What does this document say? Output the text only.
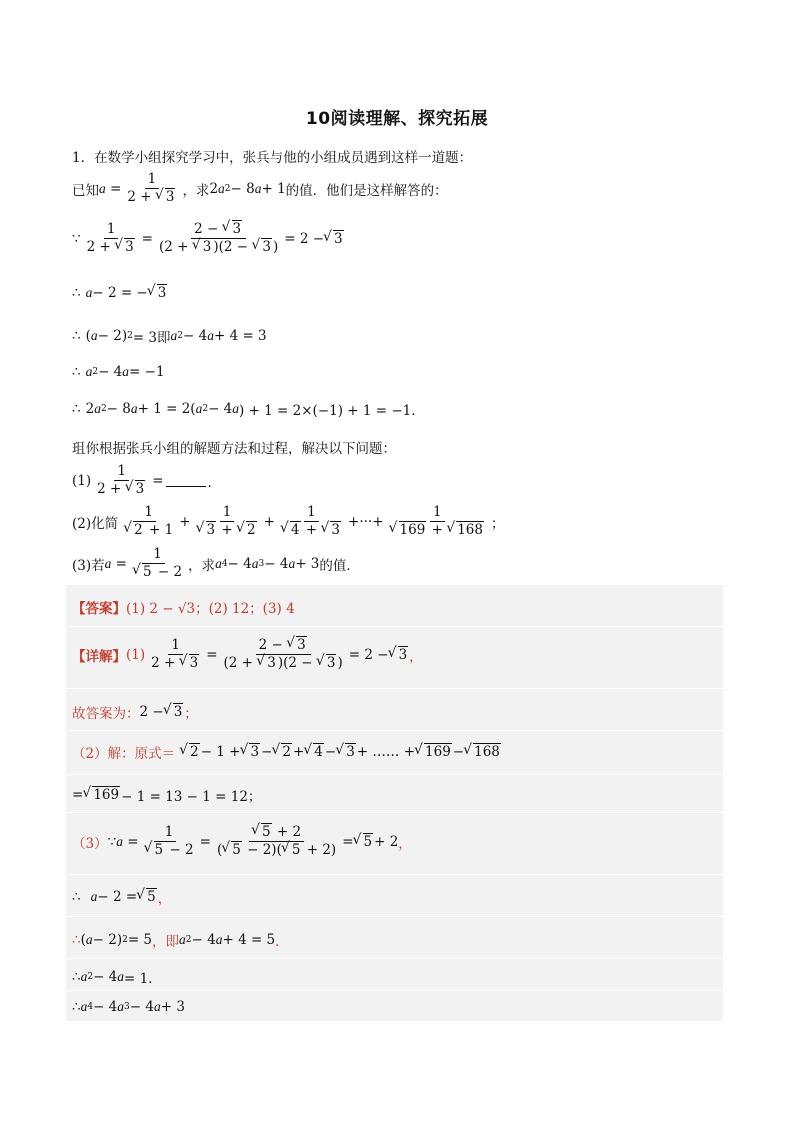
10阅读理解、探究拓展
1．在数学小组探究学习中，张兵与他的小组成员遇到这样一道题：
已知 $a = \frac{1}{2 + √ 3}$ ，求 2 a 2 − 8 a + 1 的值．他们是这样解答的：
∵ $\frac{1}{2 + √ 3} = \frac{2 - √ 3}{(2 + √ 3 )(2 - √ 3 )} = 2$ − √ 3
∴ a − 2 = − √ 3
∴
( a − 2) 2 = 3即 a 2 − 4 a + 4 = 3
∴ a 2 − 4 a = −1
∴
2 a 2 − 8 a + 1 = 2( a 2 − 4 a ) + 1 = 2×(−1) + 1 = −1．
珇你根据张兵小组的解题方法和过程，解决以下问题：
$(1) \frac{1}{2 + √ 3}$ =	．
(2)化简 1
√ 2 + 1 + 1
√ 3 + √ 2 + 1
√ 4 + √ 3 +···+ 1
√ 169 + √ 168 ；
(3)若 a = 1
√ 5 − 2 ，求 a 4 − 4 a 3 − 4 a + 3 的值．
【答案】 (1) 2 − √3；(2) 12；(3) 4
【详解】 $(1) \frac{1}{2 + √ 3} = \frac{2 - √ 3}{(2 + √ 3 )(2 - √ 3 )} = 2$ − √ 3 ，
故答案为： 2 − √ 3 ；
（2）解：原式＝	√ 2 − 1 + √ 3 − √ 2 + √ 4 − √ 3 + …… + √ 169 − √ 168
= √ 169 − 1 = 13 − 1 = 12；
（3） ∵ a = 1
√ 5 − 2 = √ $\frac{5 + 2}{( √ 5 - 2)( √ 5 + 2)}$ = √ 5 + 2 ，
∴ a − 2 = √ 5 ，
∴ ( a − 2) 2 = 5 ，即 a 2 − 4 a + 4 = 5 ．
∴ a 2 − 4 a = 1．
∴ a 4 − 4 a 3 − 4 a + 3
